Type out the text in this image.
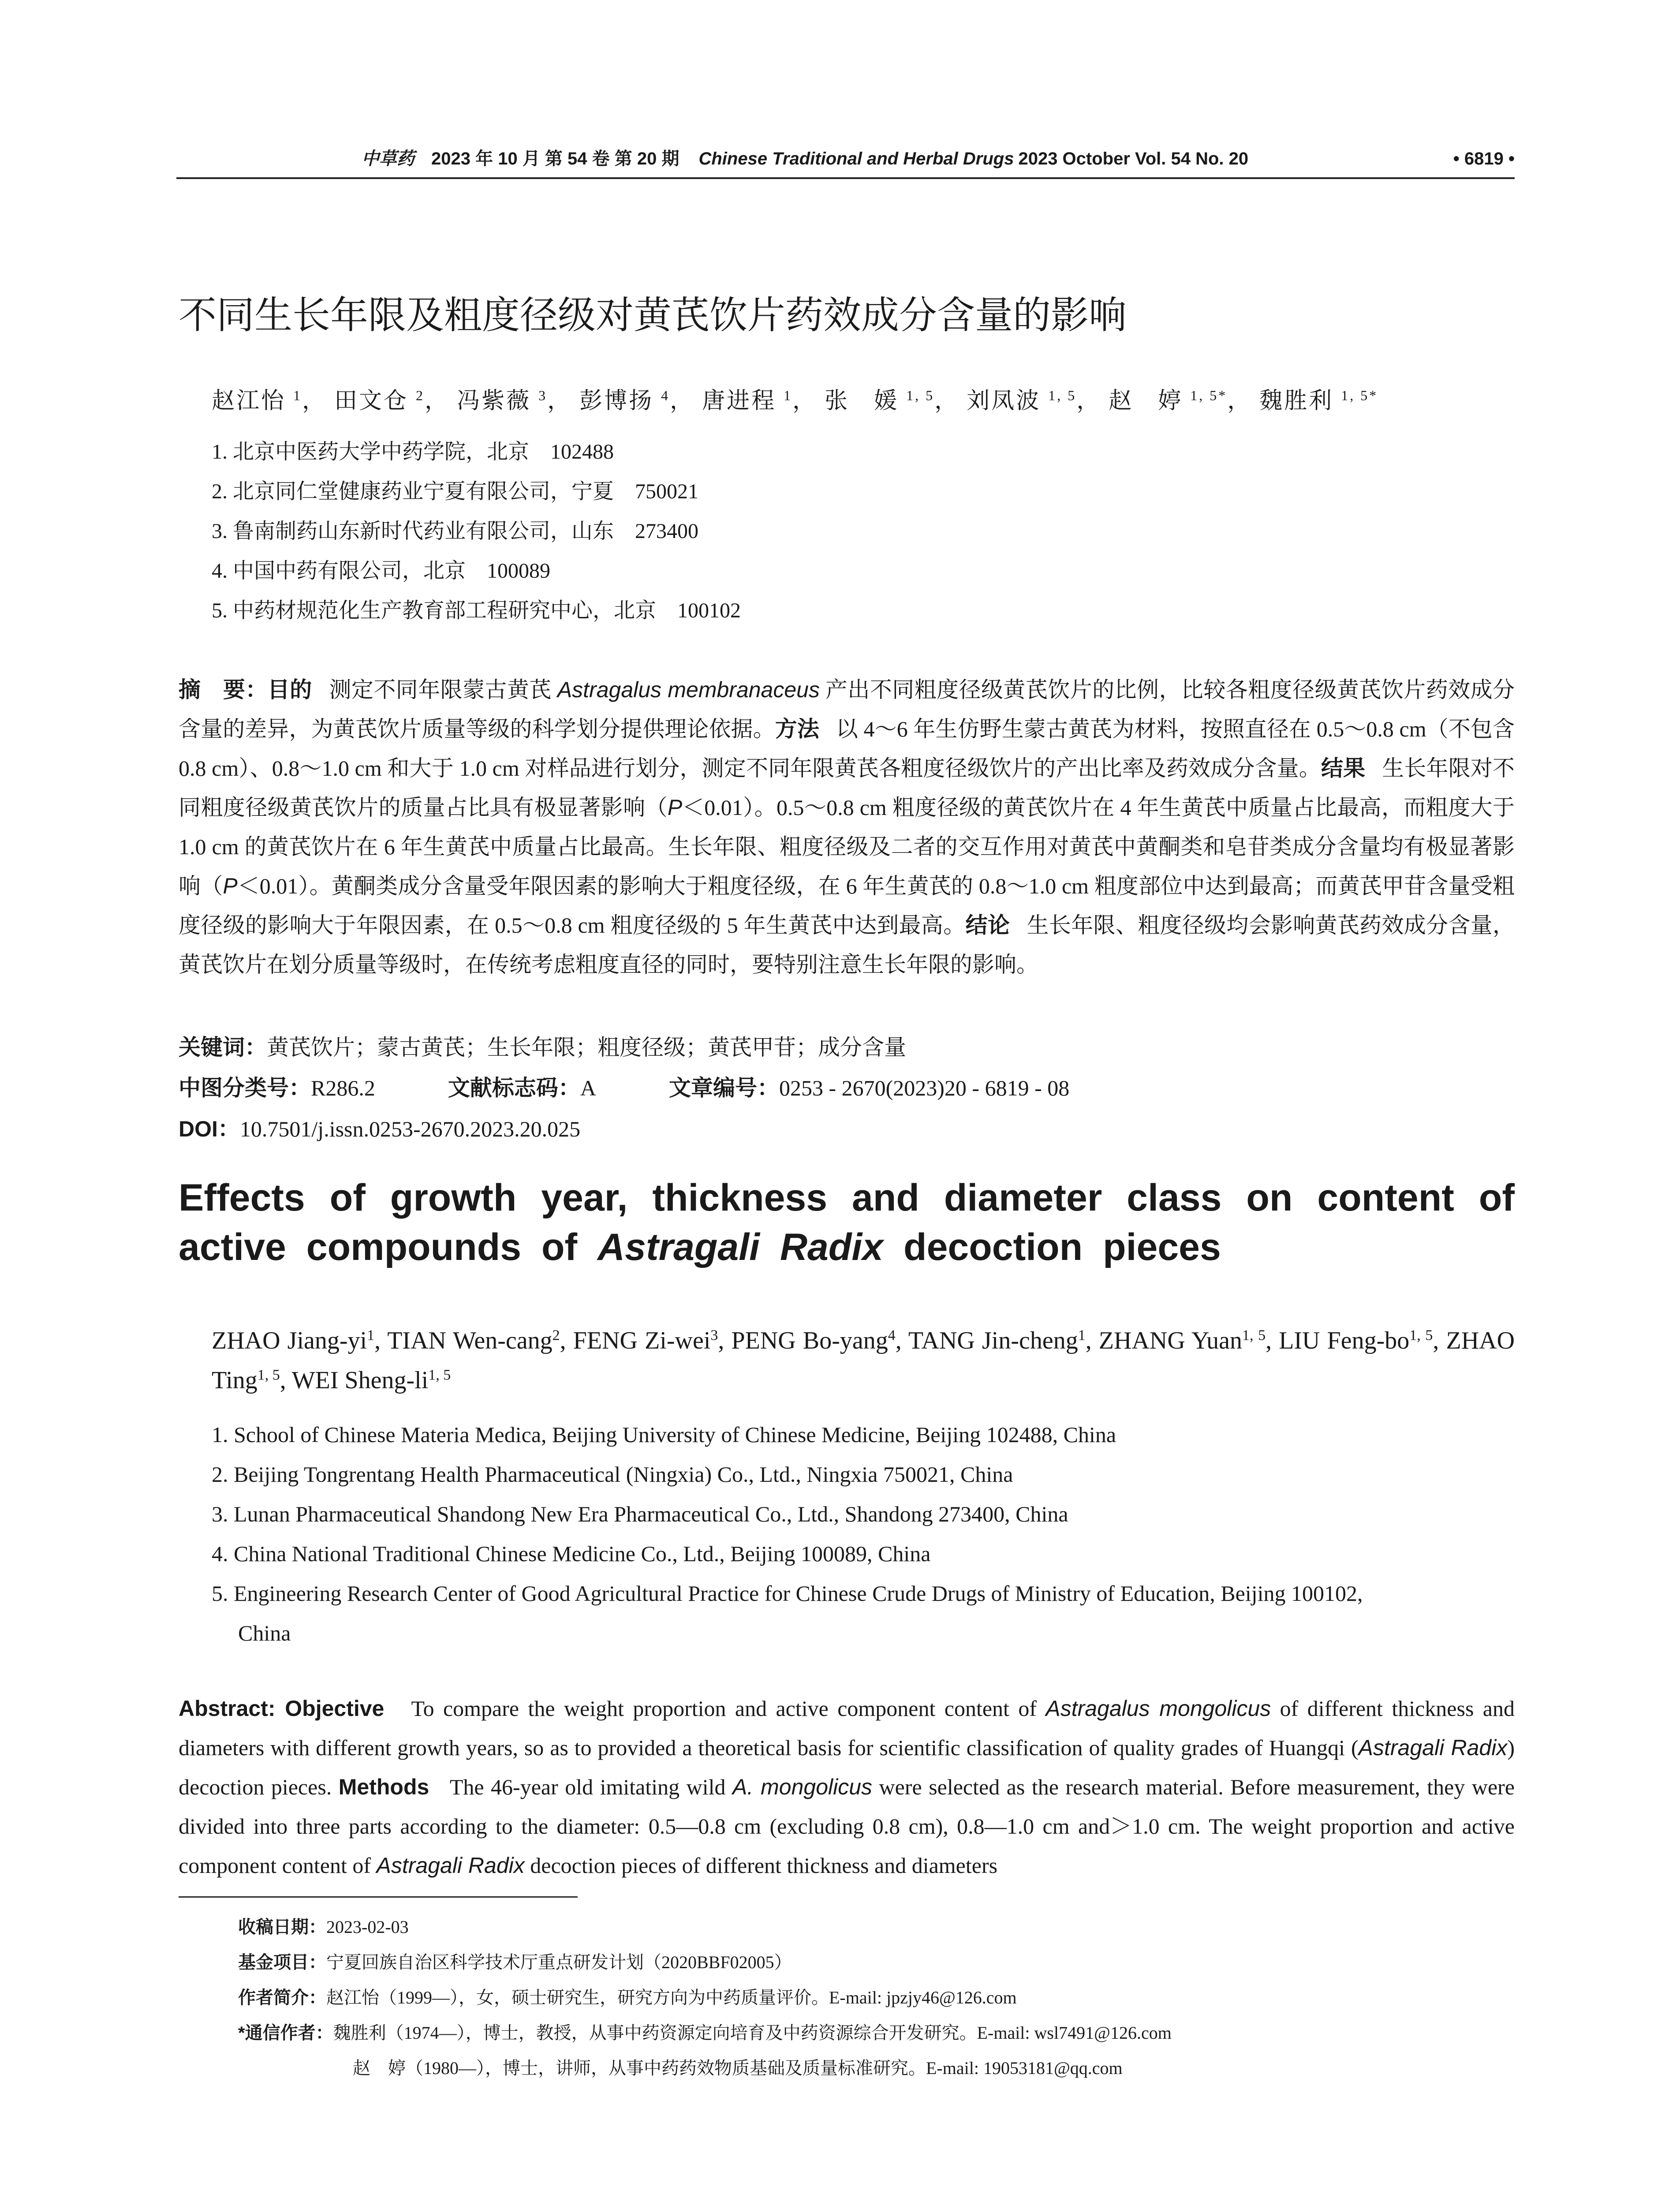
中草药 2023 年 10 月 第 54 卷 第 20 期 Chinese Traditional and Herbal Drugs 2023 October Vol. 54 No. 20	• 6819 •
不同生长年限及粗度径级对黄芪饮片药效成分含量的影响
赵江怡 $^1$， 田文仓 $^2$， 冯紫薇 $^3$， 彭博扬 $^4$， 唐进程 $^1$， 张　媛 $^{1, 5}$， 刘凤波 $^{1, 5}$， 赵　婷 $^{1, 5*}$， 魏胜利 $^{1, 5*}$
1. 北京中医药大学中药学院，北京　102488
2. 北京同仁堂健康药业宁夏有限公司，宁夏　750021
3. 鲁南制药山东新时代药业有限公司，山东　273400
4. 中国中药有限公司，北京　100089
5. 中药材规范化生产教育部工程研究中心，北京　100102
摘　要：目的 测定不同年限蒙古黄芪 Astragalus membranaceus 产出不同粗度径级黄芪饮片的比例，比较各粗度径级黄芪饮片药效成分含量的差异，为黄芪饮片质量等级的科学划分提供理论依据。方法 以 4～6 年生仿野生蒙古黄芪为材料，按照直径在 0.5～0.8 cm（不包含 0.8 cm）、0.8～1.0 cm 和大于 1.0 cm 对样品进行划分，测定不同年限黄芪各粗度径级饮片的产出比率及药效成分含量。结果 生长年限对不同粗度径级黄芪饮片的质量占比具有极显著影响（P＜0.01）。0.5～0.8 cm 粗度径级的黄芪饮片在 4 年生黄芪中质量占比最高，而粗度大于 1.0 cm 的黄芪饮片在 6 年生黄芪中质量占比最高。生长年限、粗度径级及二者的交互作用对黄芪中黄酮类和皂苷类成分含量均有极显著影响（P＜0.01）。黄酮类成分含量受年限因素的影响大于粗度径级，在 6 年生黄芪的 0.8～1.0 cm 粗度部位中达到最高；而黄芪甲苷含量受粗度径级的影响大于年限因素，在 0.5～0.8 cm 粗度径级的 5 年生黄芪中达到最高。结论 生长年限、粗度径级均会影响黄芪药效成分含量，黄芪饮片在划分质量等级时，在传统考虑粗度直径的同时，要特别注意生长年限的影响。
关键词：黄芪饮片；蒙古黄芪；生长年限；粗度径级；黄芪甲苷；成分含量
中图分类号：R286.2	文献标志码：A	文章编号：0253 - 2670(2023)20 - 6819 - 08
DOI：10.7501/j.issn.0253-2670.2023.20.025
Effects of growth year, thickness and diameter class on content of active compounds of Astragali Radix decoction pieces
ZHAO Jiang-$yi^1$, TIAN Wen-cang$^2$, FENG Zi-wei$^3$, PENG Bo-yang$^4$, TANG Jin-cheng$^1$, ZHANG Yuan$^{1, 5}$, LIU Feng-bo$^{1, 5}$, ZHAO Ting$^{1, 5}$, WEI Sheng-li$^{1, 5}$
1. School of Chinese Materia Medica, Beijing University of Chinese Medicine, Beijing 102488, China
2. Beijing Tongrentang Health Pharmaceutical (Ningxia) Co., Ltd., Ningxia 750021, China
3. Lunan Pharmaceutical Shandong New Era Pharmaceutical Co., Ltd., Shandong 273400, China
4. China National Traditional Chinese Medicine Co., Ltd., Beijing 100089, China
5. Engineering Research Center of Good Agricultural Practice for Chinese Crude Drugs of Ministry of Education, Beijing 100102,
China
Abstract: Objective To compare the weight proportion and active component content of Astragalus mongolicus of different thickness and diameters with different growth years, so as to provided a theoretical basis for scientific classification of quality grades of Huangqi (Astragali Radix) decoction pieces. Methods The 46-year old imitating wild A. mongolicus were selected as the research material. Before measurement, they were divided into three parts according to the diameter: 0.5—0.8 cm (excluding 0.8 cm), 0.8—1.0 cm and＞1.0 cm. The weight proportion and active component content of Astragali Radix decoction pieces of different thickness and diameters
收稿日期：2023-02-03
基金项目：宁夏回族自治区科学技术厅重点研发计划（2020BBF02005）
作者简介：赵江怡（1999—），女，硕士研究生，研究方向为中药质量评价。E-mail: jpzjy46@126.com
*通信作者：魏胜利（1974—），博士，教授，从事中药资源定向培育及中药资源综合开发研究。E-mail: wsl7491@126.com
赵　婷（1980—），博士，讲师，从事中药药效物质基础及质量标准研究。E-mail: 19053181@qq.com
